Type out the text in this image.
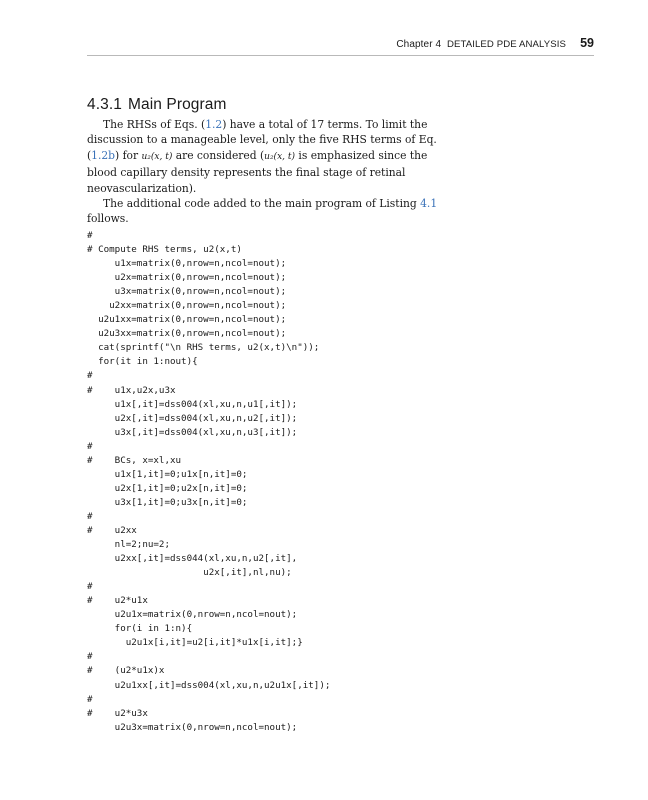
Chapter 4 DETAILED PDE ANALYSIS 59
4.3.1 Main Program

The RHSs of Eqs. (1.2) have a total of 17 terms. To limit the discussion to a manageable level, only the five RHS terms of Eq. (1.2b) for u₂(x, t) are considered (u₂(x, t) is emphasized since the blood capillary density represents the final stage of retinal neovascularization).

The additional code added to the main program of Listing 4.1 follows.

#
# Compute RHS terms, u2(x,t)
u1x=matrix(0,nrow=n,ncol=nout);
u2x=matrix(0,nrow=n,ncol=nout);
u3x=matrix(0,nrow=n,ncol=nout);
u2xx=matrix(0,nrow=n,ncol=nout);
u2u1xx=matrix(0,nrow=n,ncol=nout);
u2u3xx=matrix(0,nrow=n,ncol=nout);
cat(sprintf("\n RHS terms, u2(x,t)\n"));
for(it in 1:nout){
#
#    u1x,u2x,u3x
u1x[,it]=dss004(xl,xu,n,u1[,it]);
u2x[,it]=dss004(xl,xu,n,u2[,it]);
u3x[,it]=dss004(xl,xu,n,u3[,it]);
#
#    BCs, x=xl,xu
u1x[1,it]=0;u1x[n,it]=0;
u2x[1,it]=0;u2x[n,it]=0;
u3x[1,it]=0;u3x[n,it]=0;
#
#    u2xx
nl=2;nu=2;
u2xx[,it]=dss044(xl,xu,n,u2[,it],
u2x[,it],nl,nu);
#
#    u2*u1x
u2u1x=matrix(0,nrow=n,ncol=nout);
for(i in 1:n){
u2u1x[i,it]=u2[i,it]*u1x[i,it];}
#
#    (u2*u1x)x
u2u1xx[,it]=dss004(xl,xu,n,u2u1x[,it]);
#
#    u2*u3x
u2u3x=matrix(0,nrow=n,ncol=nout);
